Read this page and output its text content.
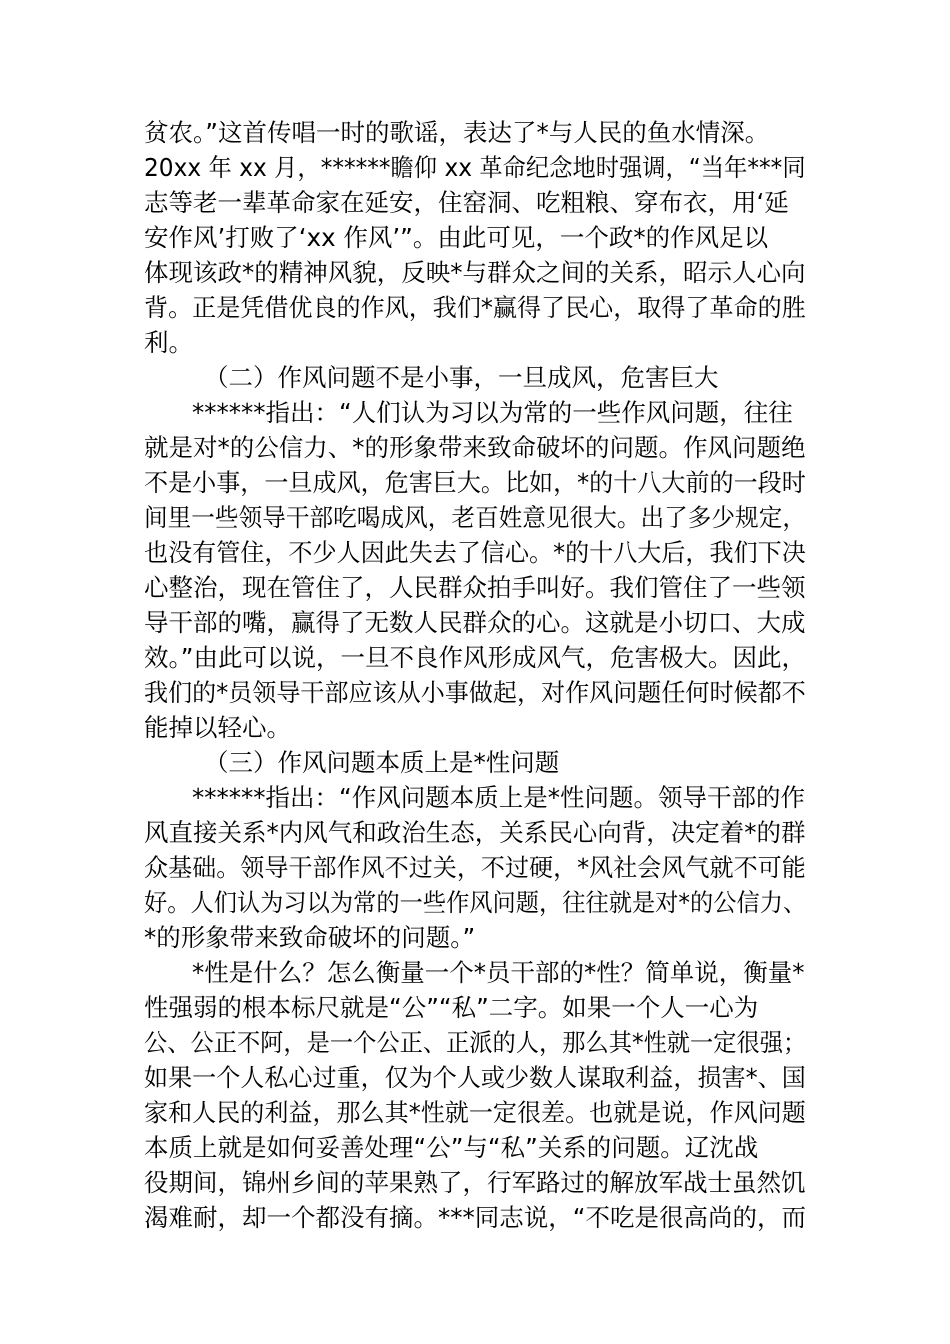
贫农。”这首传唱一时的歌谣，表达了*与人民的鱼水情深。
20xx 年 xx 月，******瞻仰 xx 革命纪念地时强调，“当年***同
志等老一辈革命家在延安，住窑洞、吃粗粮、穿布衣，用‘延
安作风’打败了‘xx 作风’”。由此可见，一个政*的作风足以
体现该政*的精神风貌，反映*与群众之间的关系，昭示人心向
背。正是凭借优良的作风，我们*赢得了民心，取得了革命的胜
利。
（二）作风问题不是小事，一旦成风，危害巨大
******指出：“人们认为习以为常的一些作风问题，往往
就是对*的公信力、*的形象带来致命破坏的问题。作风问题绝
不是小事，一旦成风，危害巨大。比如，*的十八大前的一段时
间里一些领导干部吃喝成风，老百姓意见很大。出了多少规定，
也没有管住，不少人因此失去了信心。*的十八大后，我们下决
心整治，现在管住了，人民群众拍手叫好。我们管住了一些领
导干部的嘴，赢得了无数人民群众的心。这就是小切口、大成
效。”由此可以说，一旦不良作风形成风气，危害极大。因此，
我们的*员领导干部应该从小事做起，对作风问题任何时候都不
能掉以轻心。
（三）作风问题本质上是*性问题
******指出：“作风问题本质上是*性问题。领导干部的作
风直接关系*内风气和政治生态，关系民心向背，决定着*的群
众基础。领导干部作风不过关，不过硬，*风社会风气就不可能
好。人们认为习以为常的一些作风问题，往往就是对*的公信力、
*的形象带来致命破坏的问题。”
*性是什么？怎么衡量一个*员干部的*性？简单说，衡量*
性强弱的根本标尺就是“公”“私”二字。如果一个人一心为
公、公正不阿，是一个公正、正派的人，那么其*性就一定很强；
如果一个人私心过重，仅为个人或少数人谋取利益，损害*、国
家和人民的利益，那么其*性就一定很差。也就是说，作风问题
本质上就是如何妥善处理“公”与“私”关系的问题。辽沈战
役期间，锦州乡间的苹果熟了，行军路过的解放军战士虽然饥
渴难耐，却一个都没有摘。***同志说，“不吃是很高尚的，而
